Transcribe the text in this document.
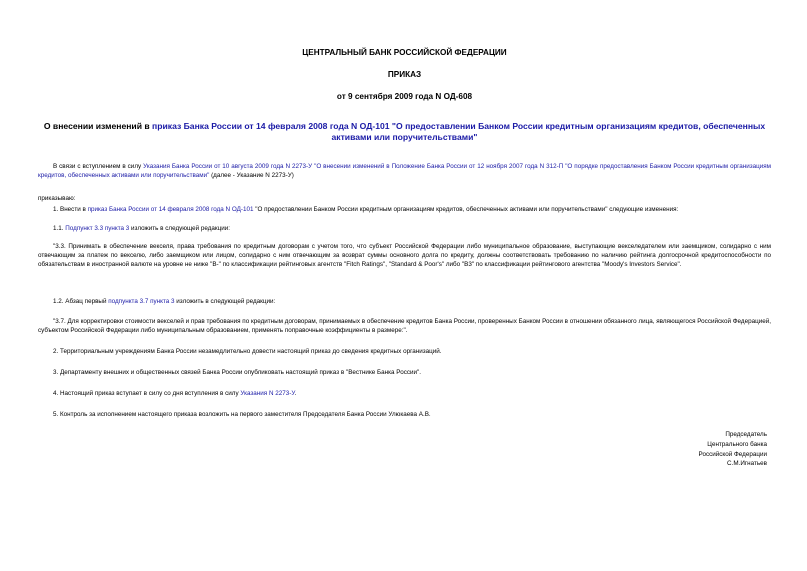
ЦЕНТРАЛЬНЫЙ БАНК РОССИЙСКОЙ ФЕДЕРАЦИИ
ПРИКАЗ
от 9 сентября 2009 года N ОД-608
О внесении изменений в приказ Банка России от 14 февраля 2008 года N ОД-101 "О предоставлении Банком России кредитным организациям кредитов, обеспеченных активами или поручительствами"
В связи с вступлением в силу Указания Банка России от 10 августа 2009 года N 2273-У "О внесении изменений в Положение Банка России от 12 ноября 2007 года N 312-П "О порядке предоставления Банком России кредитным организациям кредитов, обеспеченных активами или поручительствами" (далее - Указание N 2273-У)
приказываю:
1. Внести в приказ Банка России от 14 февраля 2008 года N ОД-101 "О предоставлении Банком России кредитным организациям кредитов, обеспеченных активами или поручительствами" следующие изменения:
1.1. Подпункт 3.3 пункта 3 изложить в следующей редакции:
"3.3. Принимать в обеспечение векселя, права требования по кредитным договорам с учетом того, что субъект Российской Федерации либо муниципальное образование, выступающие векселедателем или заемщиком, солидарно с ним отвечающим за платеж по векселю, либо заемщиком или лицом, солидарно с ним отвечающим за возврат суммы основного долга по кредиту, должны соответствовать требованию по наличию рейтинга долгосрочной кредитоспособности по обязательствам в иностранной валюте на уровне не ниже "B-" по классификации рейтинговых агентств "Fitch Ratings", "Standard & Poor's" либо "B3" по классификации рейтингового агентства "Moody's Investors Service".
1.2. Абзац первый подпункта 3.7 пункта 3 изложить в следующей редакции:
"3.7. Для корректировки стоимости векселей и прав требования по кредитным договорам, принимаемых в обеспечение кредитов Банка России, проверенных Банком России в отношении обязанного лица, являющегося Российской Федерацией, субъектом Российской Федерации либо муниципальным образованием, применять поправочные коэффициенты в размере:".
2. Территориальным учреждениям Банка России незамедлительно довести настоящий приказ до сведения кредитных организаций.
3. Департаменту внешних и общественных связей Банка России опубликовать настоящий приказ в "Вестнике Банка России".
4. Настоящий приказ вступает в силу со дня вступления в силу Указания N 2273-У.
5. Контроль за исполнением настоящего приказа возложить на первого заместителя Председателя Банка России Улюкаева А.В.
Председатель
Центрального банка
Российской Федерации
С.М.Игнатьев
